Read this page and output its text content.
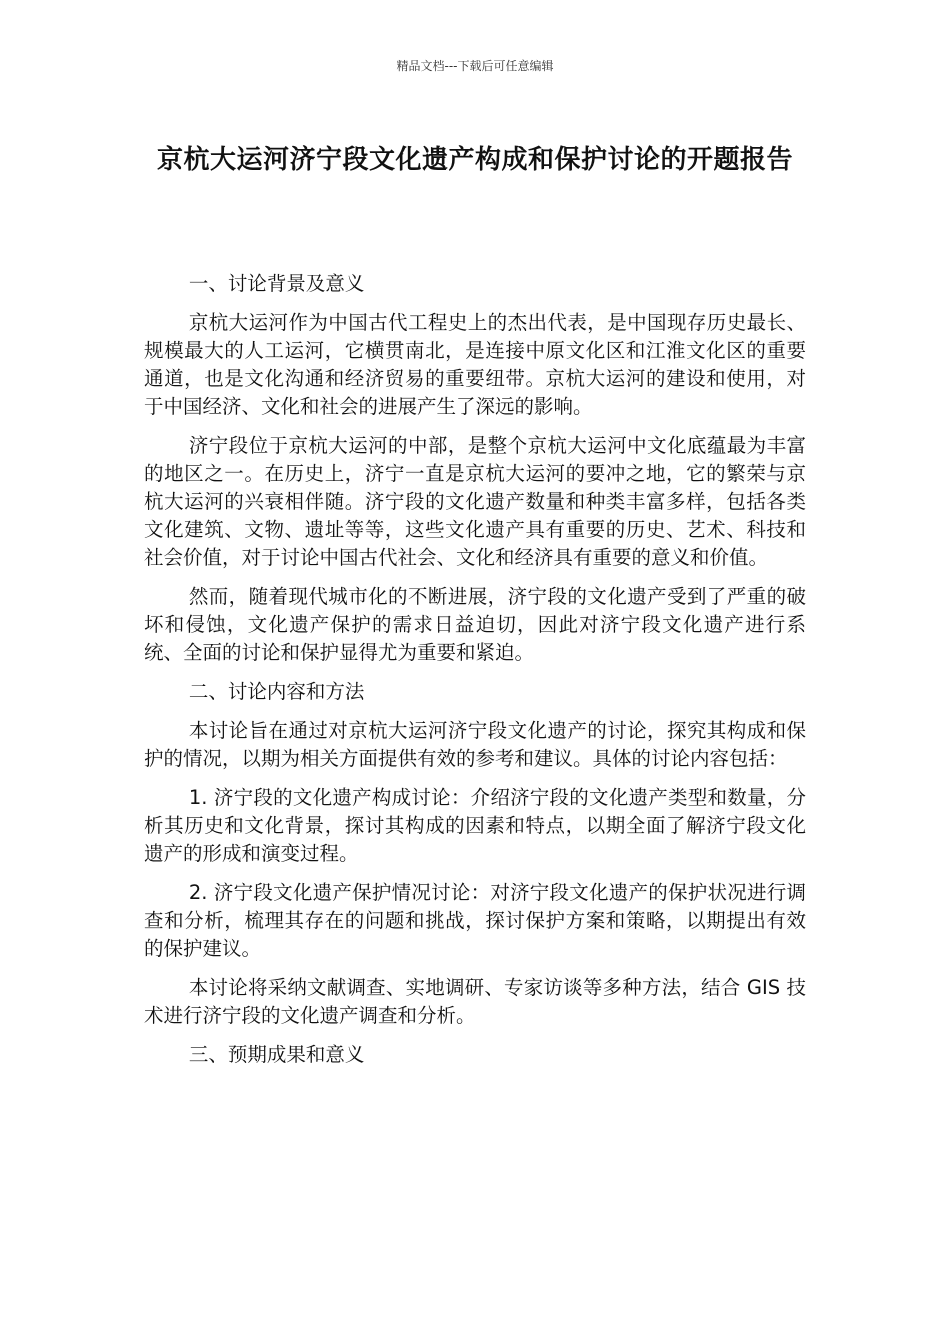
精品文档---下载后可任意编辑
京杭大运河济宁段文化遗产构成和保护讨论的开题报告

一、讨论背景及意义

京杭大运河作为中国古代工程史上的杰出代表，是中国现存历史最长、规模最大的人工运河，它横贯南北，是连接中原文化区和江淮文化区的重要通道，也是文化沟通和经济贸易的重要纽带。京杭大运河的建设和使用，对于中国经济、文化和社会的进展产生了深远的影响。

济宁段位于京杭大运河的中部，是整个京杭大运河中文化底蕴最为丰富的地区之一。在历史上，济宁一直是京杭大运河的要冲之地，它的繁荣与京杭大运河的兴衰相伴随。济宁段的文化遗产数量和种类丰富多样，包括各类文化建筑、文物、遗址等等，这些文化遗产具有重要的历史、艺术、科技和社会价值，对于讨论中国古代社会、文化和经济具有重要的意义和价值。

然而，随着现代城市化的不断进展，济宁段的文化遗产受到了严重的破坏和侵蚀，文化遗产保护的需求日益迫切，因此对济宁段文化遗产进行系统、全面的讨论和保护显得尤为重要和紧迫。

二、讨论内容和方法

本讨论旨在通过对京杭大运河济宁段文化遗产的讨论，探究其构成和保护的情况，以期为相关方面提供有效的参考和建议。具体的讨论内容包括：

1. 济宁段的文化遗产构成讨论：介绍济宁段的文化遗产类型和数量，分析其历史和文化背景，探讨其构成的因素和特点，以期全面了解济宁段文化遗产的形成和演变过程。

2. 济宁段文化遗产保护情况讨论：对济宁段文化遗产的保护状况进行调查和分析，梳理其存在的问题和挑战，探讨保护方案和策略，以期提出有效的保护建议。

本讨论将采纳文献调查、实地调研、专家访谈等多种方法，结合 GIS 技术进行济宁段的文化遗产调查和分析。

三、预期成果和意义
